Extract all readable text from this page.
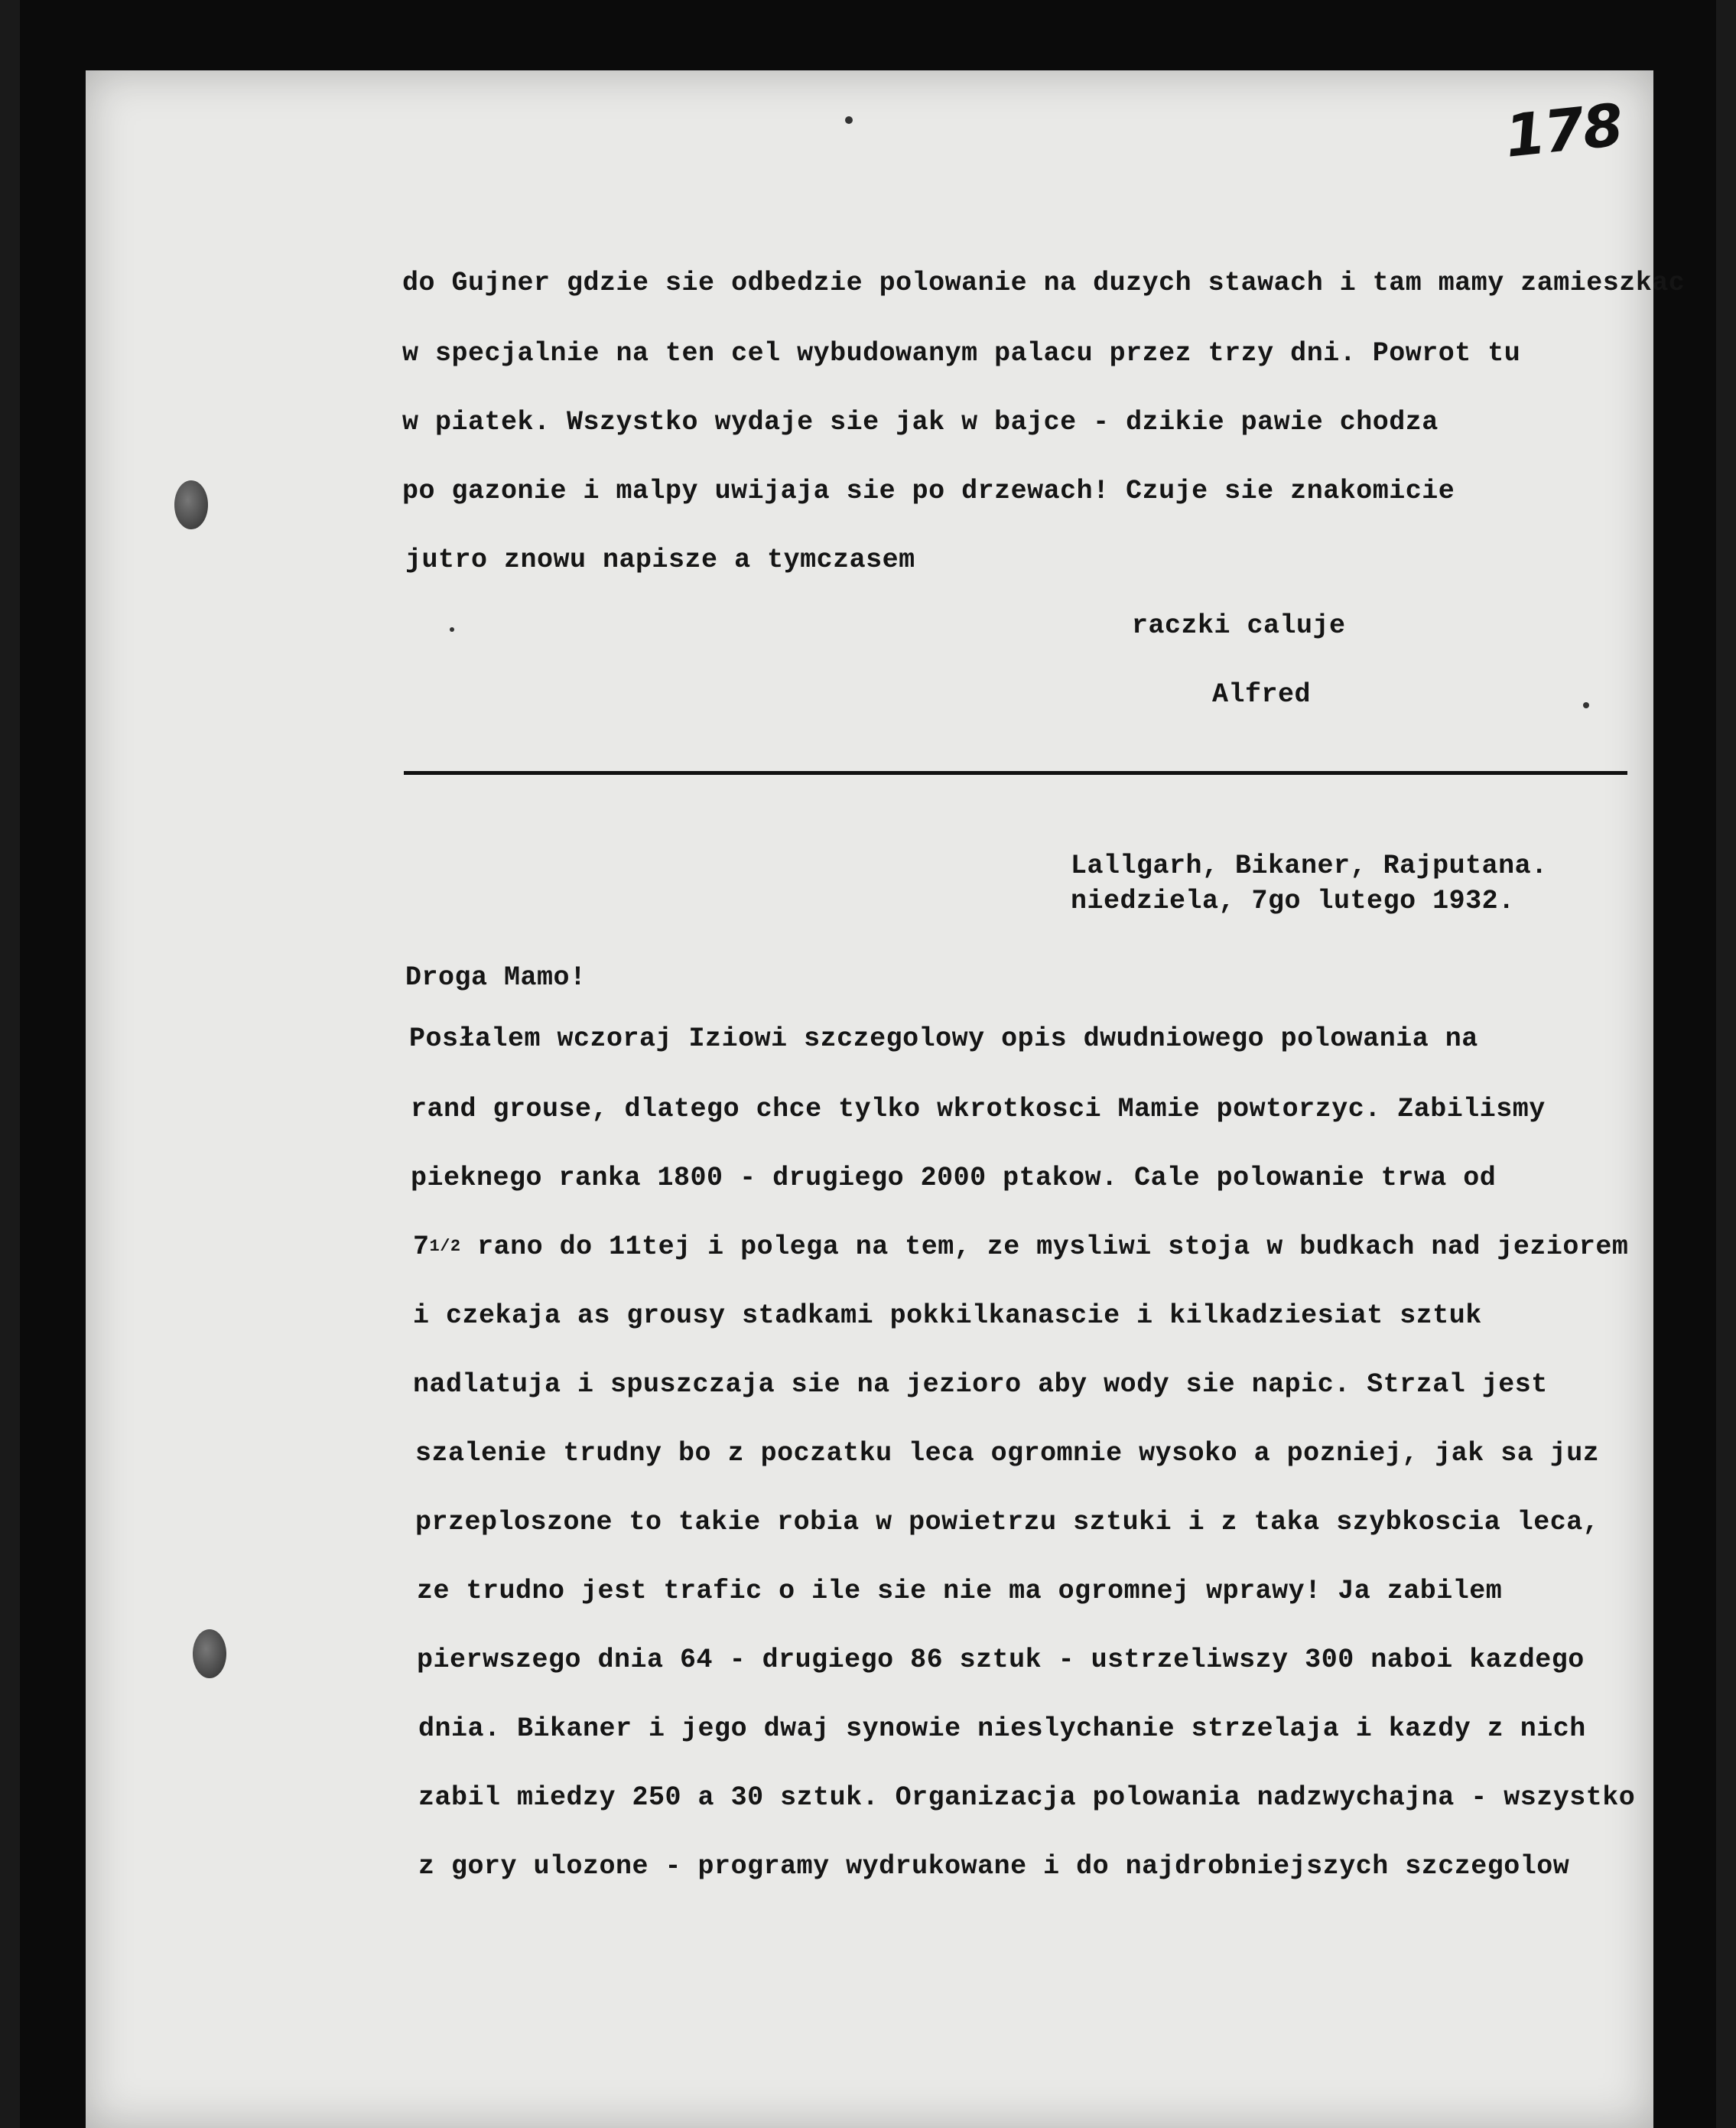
178
do Gujner gdzie sie odbedzie polowanie na duzych stawach i tam mamy zamieszkac
w specjalnie na ten cel wybudowanym palacu przez trzy dni. Powrot tu
w piatek. Wszystko wydaje sie jak w bajce - dzikie pawie chodza
po gazonie i malpy uwijaja sie po drzewach! Czuje sie znakomicie
jutro znowu napisze a tymczasem
raczki caluje
Alfred
Lallgarh, Bikaner, Rajputana.
niedziela, 7go lutego 1932.
Droga Mamo!
Posłalem wczoraj Iziowi szczegolowy opis dwudniowego polowania na
rand grouse, dlatego chce tylko wkrotkosci Mamie powtorzyc. Zabilismy
pieknego ranka 1800 - drugiego 2000 ptakow. Cale polowanie trwa od
71/2 rano do 11tej i polega na tem, ze mysliwi stoja w budkach nad jeziorem
i czekaja as grousy stadkami pokkilkanascie i kilkadziesiat sztuk
nadlatuja i spuszczaja sie na jezioro aby wody sie napic. Strzal jest
szalenie trudny bo z poczatku leca ogromnie wysoko a pozniej, jak sa juz
przeploszone to takie robia w powietrzu sztuki i z taka szybkoscia leca,
ze trudno jest trafic o ile sie nie ma ogromnej wprawy! Ja zabilem
pierwszego dnia 64 - drugiego 86 sztuk - ustrzeliwszy 300 naboi kazdego
dnia. Bikaner i jego dwaj synowie nieslychanie strzelaja i kazdy z nich
zabil miedzy 250 a 30 sztuk. Organizacja polowania nadzwychajna - wszystko
z gory ulozone - programy wydrukowane i do najdrobniejszych szczegolow
